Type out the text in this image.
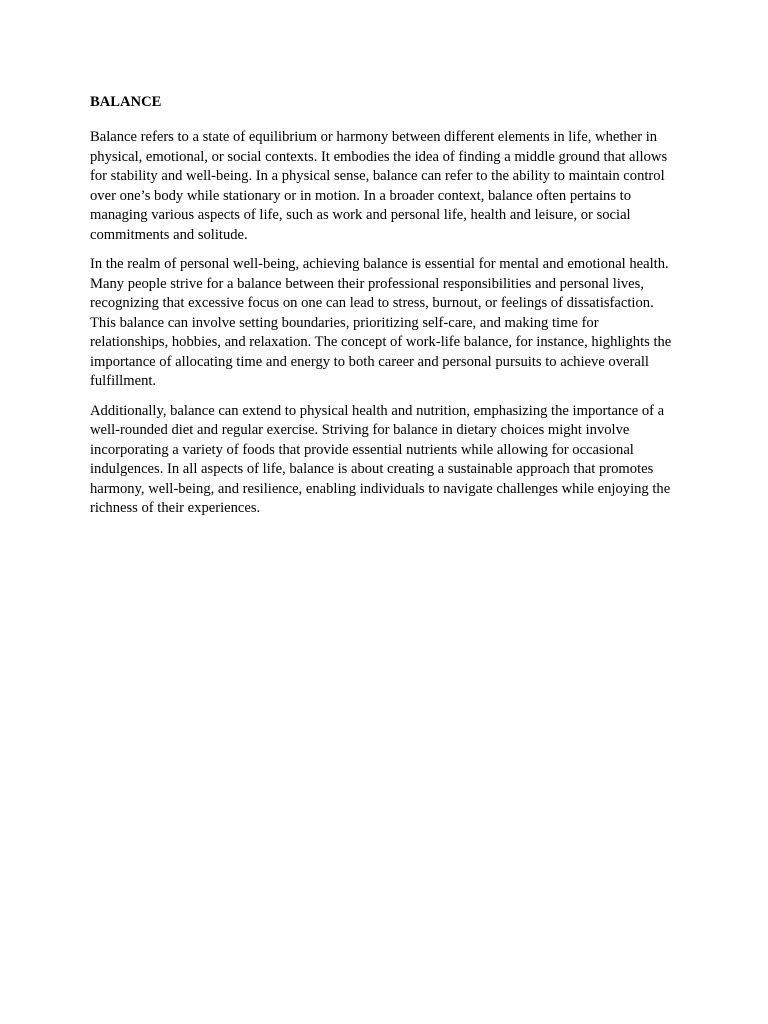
BALANCE

Balance refers to a state of equilibrium or harmony between different elements in life, whether in physical, emotional, or social contexts. It embodies the idea of finding a middle ground that allows for stability and well-being. In a physical sense, balance can refer to the ability to maintain control over one’s body while stationary or in motion. In a broader context, balance often pertains to managing various aspects of life, such as work and personal life, health and leisure, or social commitments and solitude.

In the realm of personal well-being, achieving balance is essential for mental and emotional health. Many people strive for a balance between their professional responsibilities and personal lives, recognizing that excessive focus on one can lead to stress, burnout, or feelings of dissatisfaction. This balance can involve setting boundaries, prioritizing self-care, and making time for relationships, hobbies, and relaxation. The concept of work-life balance, for instance, highlights the importance of allocating time and energy to both career and personal pursuits to achieve overall fulfillment.

Additionally, balance can extend to physical health and nutrition, emphasizing the importance of a well-rounded diet and regular exercise. Striving for balance in dietary choices might involve incorporating a variety of foods that provide essential nutrients while allowing for occasional indulgences. In all aspects of life, balance is about creating a sustainable approach that promotes harmony, well-being, and resilience, enabling individuals to navigate challenges while enjoying the richness of their experiences.
